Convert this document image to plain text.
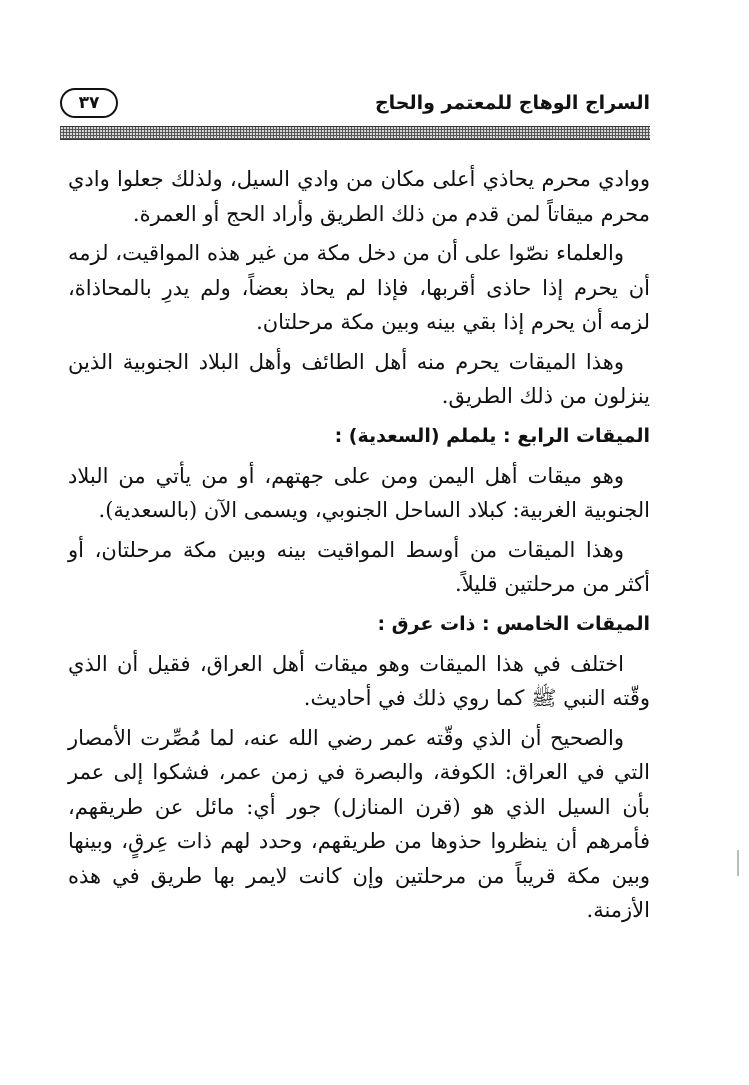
السراج الوهاج للمعتمر والحاج
٣٧

ووادي محرم يحاذي أعلى مكان من وادي السيل، ولذلك جعلوا وادي محرم ميقاتاً لمن قدم من ذلك الطريق وأراد الحج أو العمرة.

والعلماء نصّوا على أن من دخل مكة من غير هذه المواقيت، لزمه أن يحرم إذا حاذى أقربها، فإذا لم يحاذ بعضاً، ولم يدرِ بالمحاذاة، لزمه أن يحرم إذا بقي بينه وبين مكة مرحلتان.

وهذا الميقات يحرم منه أهل الطائف وأهل البلاد الجنوبية الذين ينزلون من ذلك الطريق.

الميقات الرابع : يلملم (السعدية) :

وهو ميقات أهل اليمن ومن على جهتهم، أو من يأتي من البلاد الجنوبية الغربية: كبلاد الساحل الجنوبي، ويسمى الآن (بالسعدية).

وهذا الميقات من أوسط المواقيت بينه وبين مكة مرحلتان، أو أكثر من مرحلتين قليلاً.

الميقات الخامس : ذات عرق :

اختلف في هذا الميقات وهو ميقات أهل العراق، فقيل أن الذي وقّته النبي ﷺ كما روي ذلك في أحاديث.

والصحيح أن الذي وقّته عمر رضي الله عنه، لما مُصِّرت الأمصار التي في العراق: الكوفة، والبصرة في زمن عمر، فشكوا إلى عمر بأن السيل الذي هو (قرن المنازل) جور أي: مائل عن طريقهم، فأمرهم أن ينظروا حذوها من طريقهم، وحدد لهم ذات عِرقٍ، وبينها وبين مكة قريباً من مرحلتين وإن كانت لايمر بها طريق في هذه الأزمنة.
